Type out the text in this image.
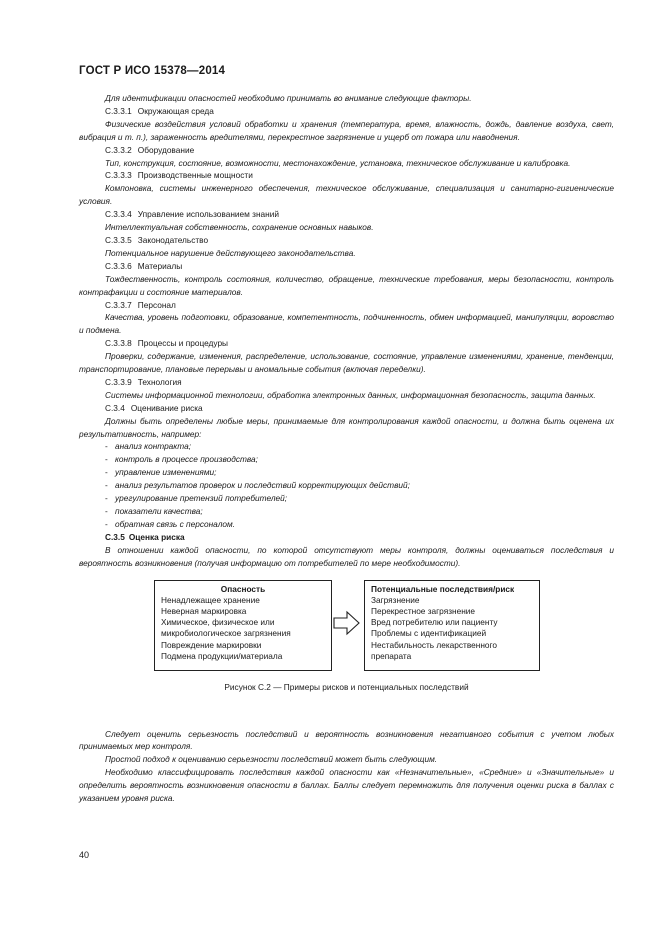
ГОСТ Р ИСО 15378—2014

Для идентификации опасностей необходимо принимать во внимание следующие факторы.

С.3.3.1 Окружающая среда

Физические воздействия условий обработки и хранения (температура, время, влажность, дождь, давление воздуха, свет, вибрация и т. п.), зараженность вредителями, перекрестное загрязнение и ущерб от пожара или наводнения.

С.3.3.2 Оборудование

Тип, конструкция, состояние, возможности, местонахождение, установка, техническое обслуживание и калибровка.

С.3.3.3 Производственные мощности

Компоновка, системы инженерного обеспечения, техническое обслуживание, специализация и санитарно-гигиенические условия.

С.3.3.4 Управление использованием знаний

Интеллектуальная собственность, сохранение основных навыков.

С.3.3.5 Законодательство

Потенциальное нарушение действующего законодательства.

С.3.3.6 Материалы

Тождественность, контроль состояния, количество, обращение, технические требования, меры безопасности, контроль контрафакции и состояние материалов.

С.3.3.7 Персонал

Качества, уровень подготовки, образование, компетентность, подчиненность, обмен информацией, манипуляции, воровство и подмена.

С.3.3.8 Процессы и процедуры

Проверки, содержание, изменения, распределение, использование, состояние, управление изменениями, хранение, тенденции, транспортирование, плановые перерывы и аномальные события (включая переделки).

С.3.3.9 Технология

Системы информационной технологии, обработка электронных данных, информационная безопасность, защита данных.

С.3.4 Оценивание риска

Должны быть определены любые меры, принимаемые для контролирования каждой опасности, и должна быть оценена их результативность, например:

- анализ контракта;

- контроль в процессе производства;

- управление изменениями;

- анализ результатов проверок и последствий корректирующих действий;

- урегулирование претензий потребителей;

- показатели качества;

- обратная связь с персоналом.

С.3.5 Оценка риска

В отношении каждой опасности, по которой отсутствуют меры контроля, должны оцениваться последствия и вероятность возникновения (получая информацию от потребителей по мере необходимости).

Опасность
Ненадлежащее хранение
Неверная маркировка
Химическое, физическое или
микробиологическое загрязнения
Повреждение маркировки
Подмена продукции/материала
Потенциальные последствия/риск
Загрязнение
Перекрестное загрязнение
Вред потребителю или пациенту
Проблемы с идентификацией
Нестабильность лекарственного
препарата
Рисунок С.2 — Примеры рисков и потенциальных последствий

Следует оценить серьезность последствий и вероятность возникновения негативного события с учетом любых принимаемых мер контроля.

Простой подход к оцениванию серьезности последствий может быть следующим.

Необходимо классифицировать последствия каждой опасности как «Незначительные», «Средние» и «Значительные» и определить вероятность возникновения опасности в баллах. Баллы следует перемножить для получения оценки риска в баллах с указанием уровня риска.

40
